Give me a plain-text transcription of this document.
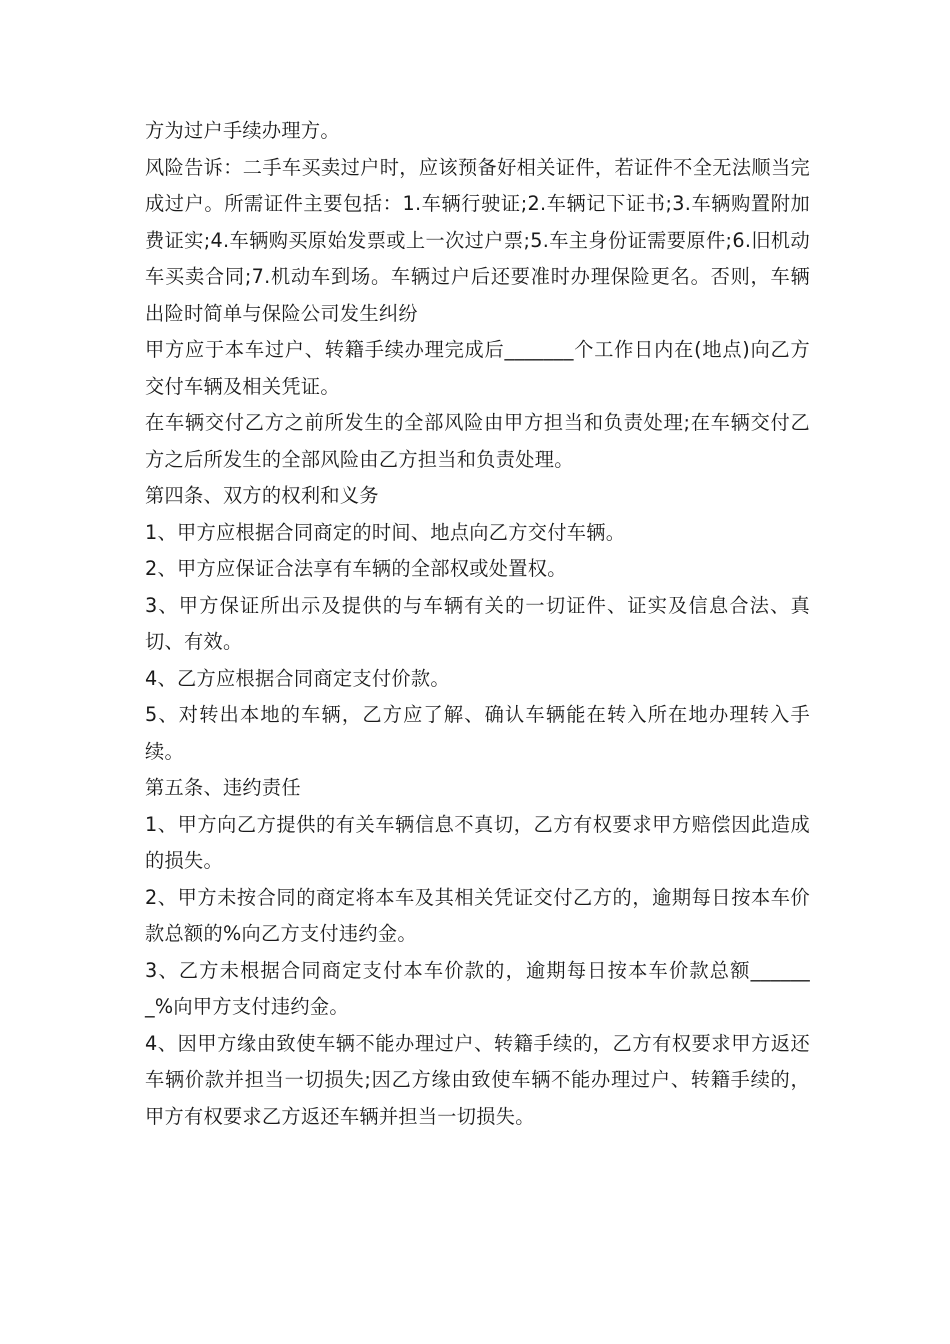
方为过户手续办理方。

风险告诉：二手车买卖过户时，应该预备好相关证件，若证件不全无法顺当完成过户。所需证件主要包括：1.车辆行驶证;2.车辆记下证书;3.车辆购置附加费证实;4.车辆购买原始发票或上一次过户票;5.车主身份证需要原件;6.旧机动车买卖合同;7.机动车到场。车辆过户后还要准时办理保险更名。否则，车辆出险时简单与保险公司发生纠纷

甲方应于本车过户、转籍手续办理完成后_______个工作日内在(地点)向乙方交付车辆及相关凭证。

在车辆交付乙方之前所发生的全部风险由甲方担当和负责处理;在车辆交付乙方之后所发生的全部风险由乙方担当和负责处理。

第四条、双方的权利和义务

1、甲方应根据合同商定的时间、地点向乙方交付车辆。

2、甲方应保证合法享有车辆的全部权或处置权。

3、甲方保证所出示及提供的与车辆有关的一切证件、证实及信息合法、真切、有效。

4、乙方应根据合同商定支付价款。

5、对转出本地的车辆，乙方应了解、确认车辆能在转入所在地办理转入手续。

第五条、违约责任

1、甲方向乙方提供的有关车辆信息不真切，乙方有权要求甲方赔偿因此造成的损失。

2、甲方未按合同的商定将本车及其相关凭证交付乙方的，逾期每日按本车价款总额的%向乙方支付违约金。

3、乙方未根据合同商定支付本车价款的，逾期每日按本车价款总额_______%向甲方支付违约金。

4、因甲方缘由致使车辆不能办理过户、转籍手续的，乙方有权要求甲方返还车辆价款并担当一切损失;因乙方缘由致使车辆不能办理过户、转籍手续的，甲方有权要求乙方返还车辆并担当一切损失。
